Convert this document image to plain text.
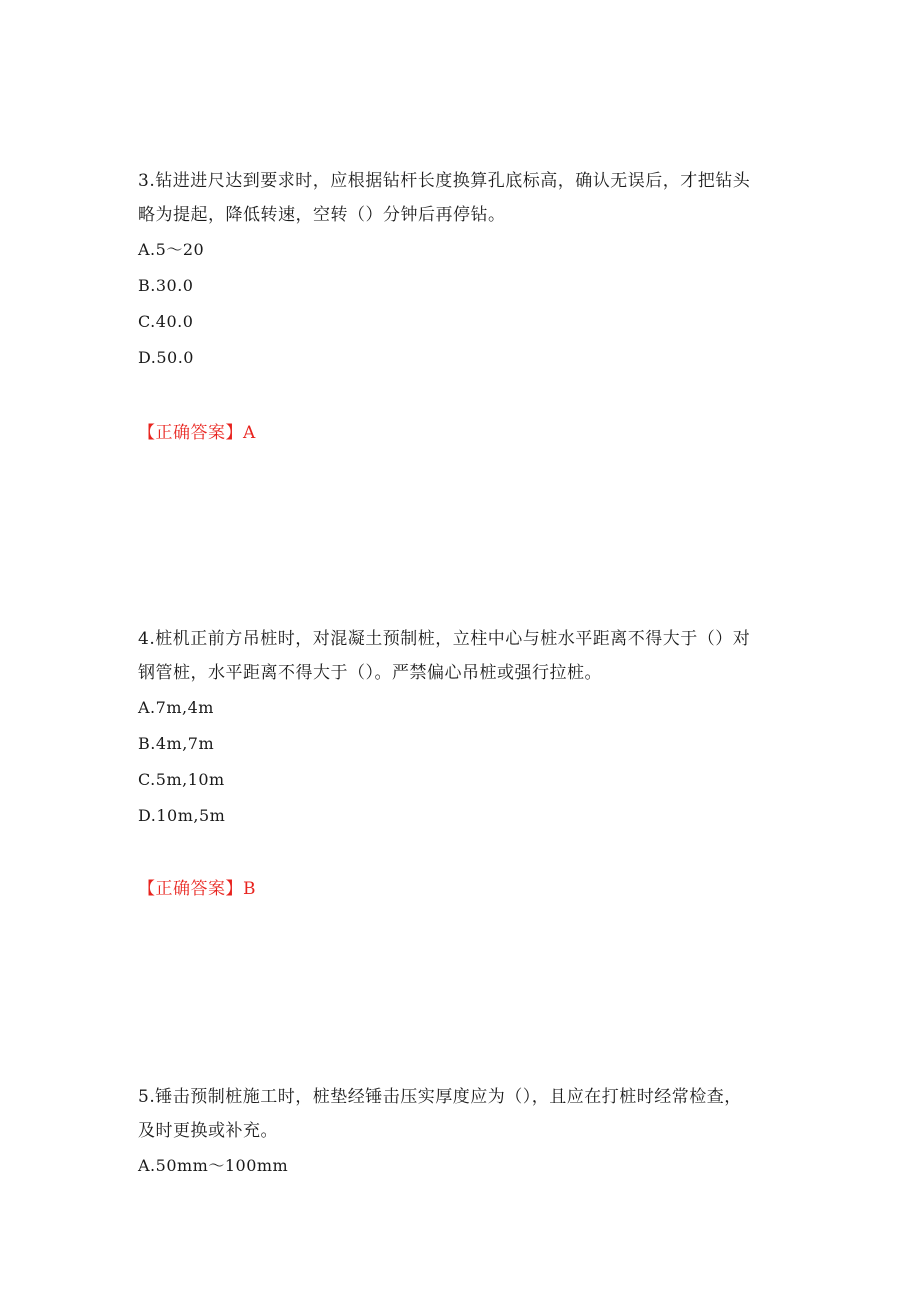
3.钻进进尺达到要求时，应根据钻杆长度换算孔底标高，确认无误后，才把钻头

略为提起，降低转速，空转（）分钟后再停钻。

A.5～20

B.30.0

C.40.0

D.50.0

【正确答案】A

4.桩机正前方吊桩时，对混凝土预制桩，立柱中心与桩水平距离不得大于（）对

钢管桩，水平距离不得大于（）。严禁偏心吊桩或强行拉桩。

A.7m,4m

B.4m,7m

C.5m,10m

D.10m,5m

【正确答案】B

5.锤击预制桩施工时，桩垫经锤击压实厚度应为（），且应在打桩时经常检查，

及时更换或补充。

A.50mm～100mm
